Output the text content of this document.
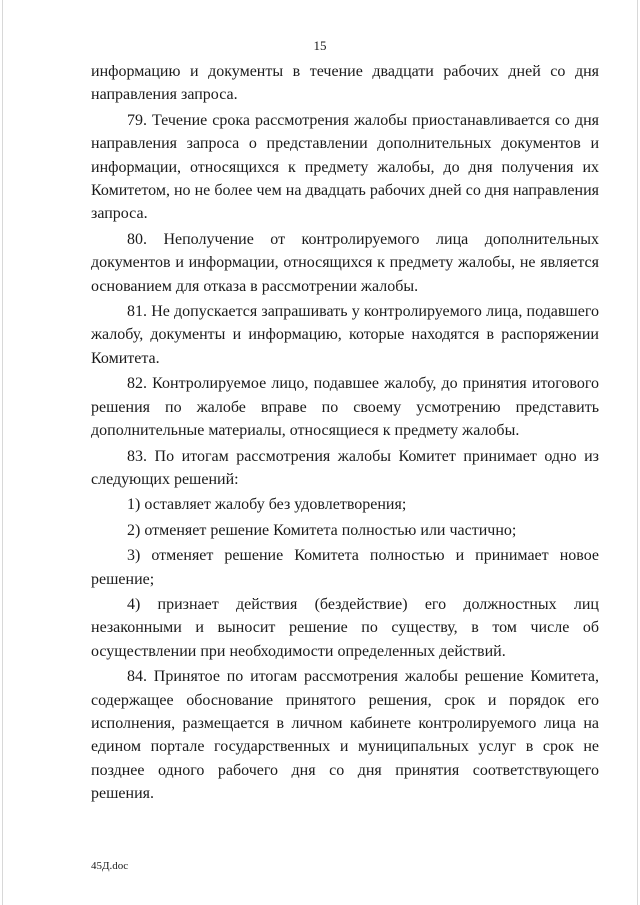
15

информацию и документы в течение двадцати рабочих дней со дня направления запроса.

79. Течение срока рассмотрения жалобы приостанавливается со дня направления запроса о представлении дополнительных документов и информации, относящихся к предмету жалобы, до дня получения их Комитетом, но не более чем на двадцать рабочих дней со дня направления запроса.

80. Неполучение от контролируемого лица дополнительных документов и информации, относящихся к предмету жалобы, не является основанием для отказа в рассмотрении жалобы.

81. Не допускается запрашивать у контролируемого лица, подавшего жалобу, документы и информацию, которые находятся в распоряжении Комитета.

82. Контролируемое лицо, подавшее жалобу, до принятия итогового решения по жалобе вправе по своему усмотрению представить дополнительные материалы, относящиеся к предмету жалобы.

83. По итогам рассмотрения жалобы Комитет принимает одно из следующих решений:

1) оставляет жалобу без удовлетворения;

2) отменяет решение Комитета полностью или частично;

3) отменяет решение Комитета полностью и принимает новое решение;

4) признает действия (бездействие) его должностных лиц незаконными и выносит решение по существу, в том числе об осуществлении при необходимости определенных действий.

84. Принятое по итогам рассмотрения жалобы решение Комитета, содержащее обоснование принятого решения, срок и порядок его исполнения, размещается в личном кабинете контролируемого лица на едином портале государственных и муниципальных услуг в срок не позднее одного рабочего дня со дня принятия соответствующего решения.

45Д.doc
